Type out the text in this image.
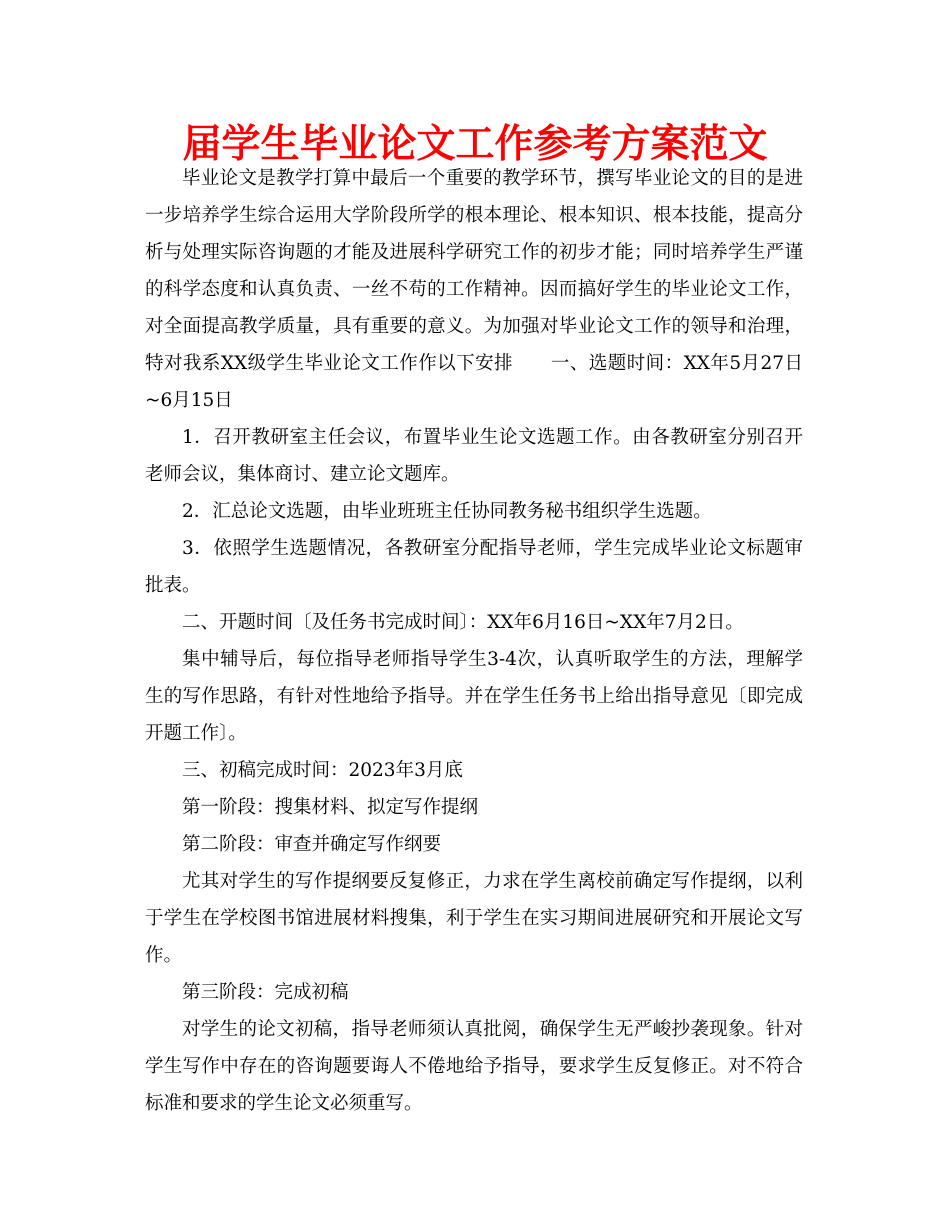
届学生毕业论文工作参考方案范文

毕业论文是教学打算中最后一个重要的教学环节，撰写毕业论文的目的是进一步培养学生综合运用大学阶段所学的根本理论、根本知识、根本技能，提高分析与处理实际咨询题的才能及进展科学研究工作的初步才能；同时培养学生严谨的科学态度和认真负责、一丝不苟的工作精神。因而搞好学生的毕业论文工作，对全面提高教学质量，具有重要的意义。为加强对毕业论文工作的领导和治理，特对我系XX级学生毕业论文工作作以下安排　　一、选题时间：XX年5月27日~6月15日

1．召开教研室主任会议，布置毕业生论文选题工作。由各教研室分别召开老师会议，集体商讨、建立论文题库。

2．汇总论文选题，由毕业班班主任协同教务秘书组织学生选题。

3．依照学生选题情况，各教研室分配指导老师，学生完成毕业论文标题审批表。

二、开题时间〔及任务书完成时间〕：XX年6月16日~XX年7月2日。

集中辅导后，每位指导老师指导学生3-4次，认真听取学生的方法，理解学生的写作思路，有针对性地给予指导。并在学生任务书上给出指导意见〔即完成开题工作〕。

三、初稿完成时间：2023年3月底

第一阶段：搜集材料、拟定写作提纲

第二阶段：审查并确定写作纲要

尤其对学生的写作提纲要反复修正，力求在学生离校前确定写作提纲，以利于学生在学校图书馆进展材料搜集，利于学生在实习期间进展研究和开展论文写作。

第三阶段：完成初稿

对学生的论文初稿，指导老师须认真批阅，确保学生无严峻抄袭现象。针对学生写作中存在的咨询题要诲人不倦地给予指导，要求学生反复修正。对不符合标准和要求的学生论文必须重写。
